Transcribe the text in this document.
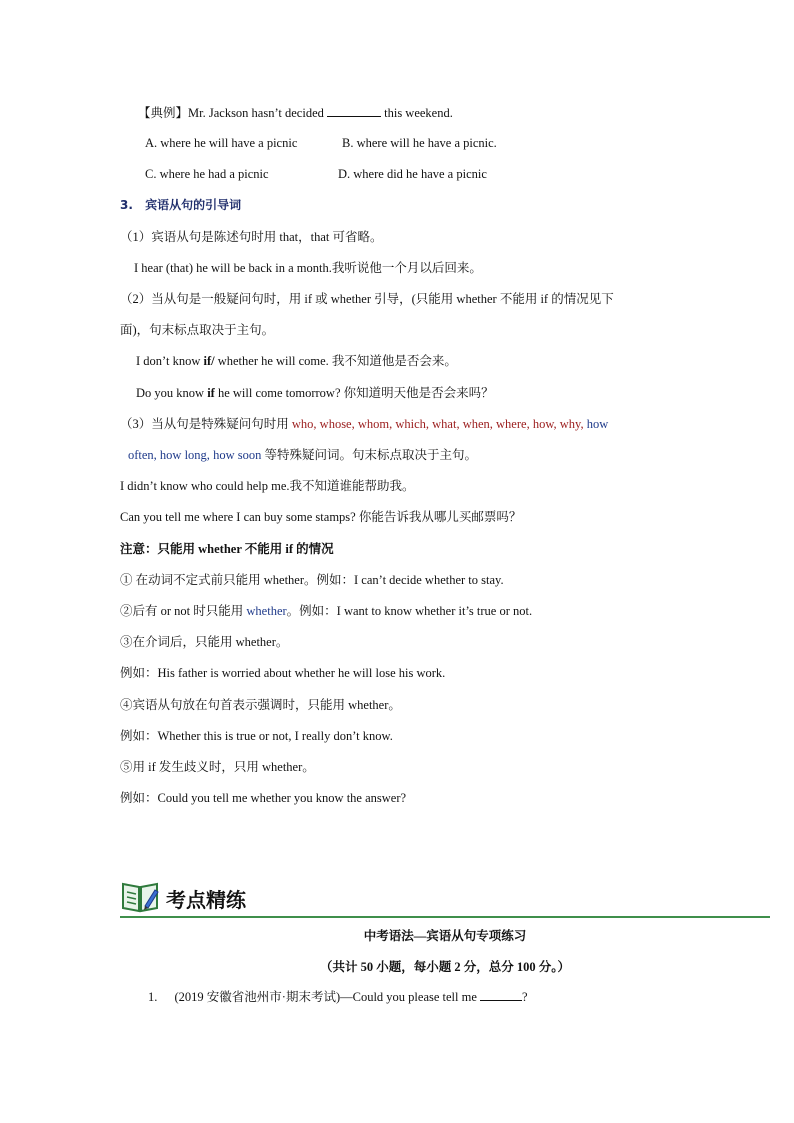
【典例】Mr. Jackson hasn’t decided	this weekend.
A. where he will have a picnic	B. where will he have a picnic.
C. where he had a picnic	D. where did he have a picnic
3. 宾语从句的引导词
（1）宾语从句是陈述句时用 that，that 可省略。
I hear (that) he will be back in a month.我听说他一个月以后回来。
（2）当从句是一般疑问句时，用 if 或 whether 引导，(只能用 whether 不能用 if 的情况见下
面)，句末标点取决于主句。
I don’t know if/ whether he will come. 我不知道他是否会来。
Do you know if he will come tomorrow? 你知道明天他是否会来吗？
（3）当从句是特殊疑问句时用 who, whose, whom, which, what, when, where, how, why, how
often, how long, how soon 等特殊疑问词。句末标点取决于主句。
I didn’t know who could help me.我不知道谁能帮助我。
Can you tell me where I can buy some stamps? 你能告诉我从哪儿买邮票吗？
注意：只能用 whether 不能用 if 的情况
① 在动词不定式前只能用 whether。例如：I can’t decide whether to stay.
②后有 or not 时只能用 whether。例如：I want to know whether it’s true or not.
③在介词后，只能用 whether。
例如：His father is worried about whether he will lose his work.
④宾语从句放在句首表示强调时，只能用 whether。
例如：Whether this is true or not, I really don’t know.
⑤用 if 发生歧义时，只用 whether。
例如：Could you tell me whether you know the answer?
考点精练
中考语法—宾语从句专项练习
（共计 50 小题，每小题 2 分，总分 100 分。）
1. (2019 安徽省池州市·期末考试)—Could you please tell me	?
